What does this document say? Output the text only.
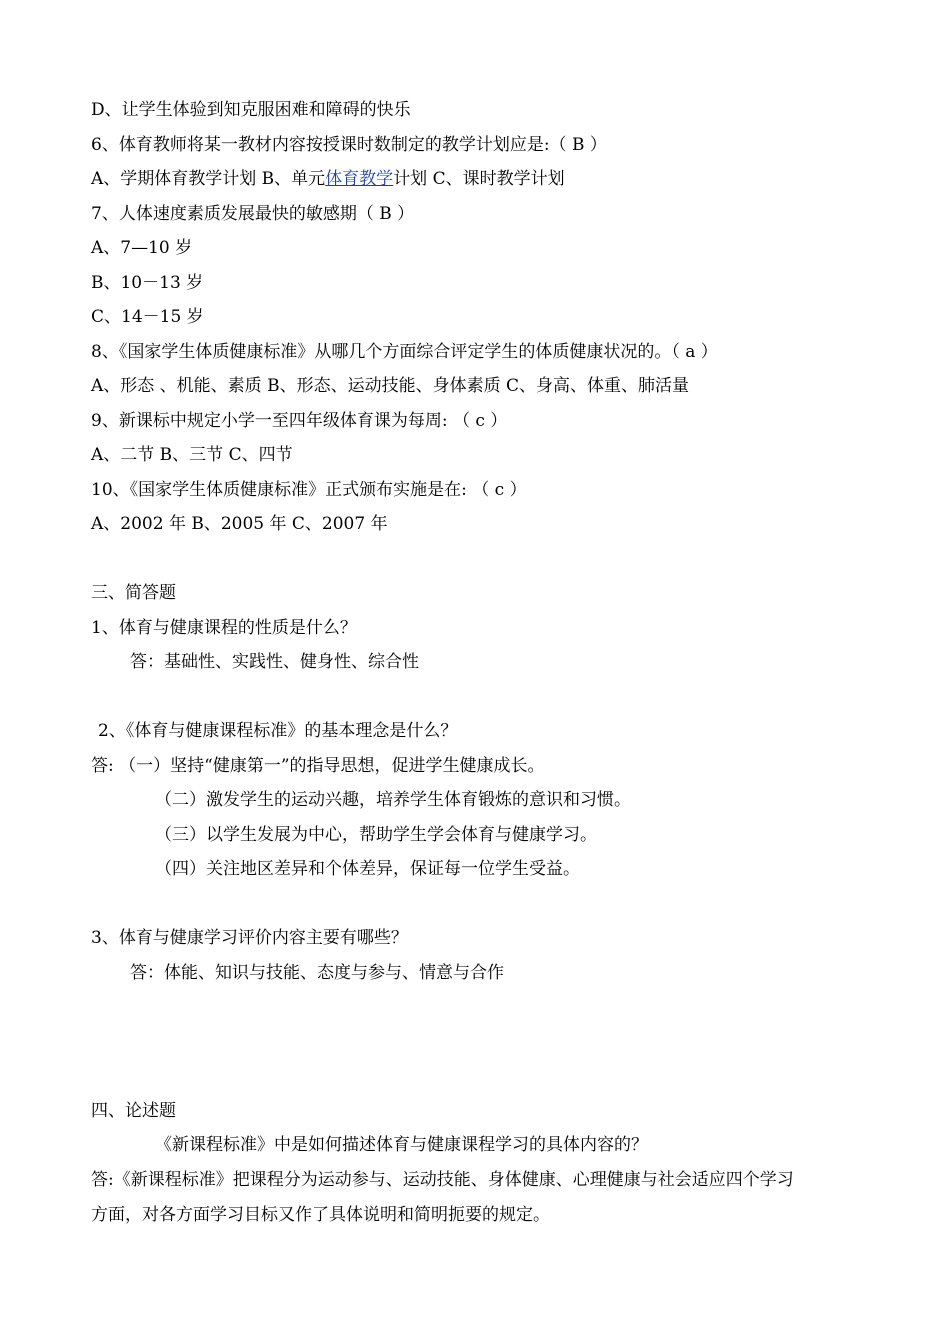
D、让学生体验到知克服困难和障碍的快乐
6、体育教师将某一教材内容按授课时数制定的教学计划应是:（ B ）
A、学期体育教学计划 B、单元体育教学计划 C、课时教学计划
7、人体速度素质发展最快的敏感期（ B ）
A、7—10 岁
B、10－13 岁
C、14－15 岁
8、《国家学生体质健康标准》从哪几个方面综合评定学生的体质健康状况的。（ a ）
A、形态 、机能、素质 B、形态、运动技能、身体素质 C、身高、体重、肺活量
9、新课标中规定小学一至四年级体育课为每周: （ c ）
A、二节 B、三节 C、四节
10、《国家学生体质健康标准》正式颁布实施是在: （ c ）
A、2002 年 B、2005 年 C、2007 年
三、简答题
1、体育与健康课程的性质是什么？
答：基础性、实践性、健身性、综合性
2、《体育与健康课程标准》的基本理念是什么？
答: （一）坚持“健康第一”的指导思想，促进学生健康成长。
（二）激发学生的运动兴趣，培养学生体育锻炼的意识和习惯。
（三）以学生发展为中心，帮助学生学会体育与健康学习。
（四）关注地区差异和个体差异，保证每一位学生受益。
3、体育与健康学习评价内容主要有哪些？
答：体能、知识与技能、态度与参与、情意与合作
四、论述题
《新课程标准》中是如何描述体育与健康课程学习的具体内容的？
答:《新课程标准》把课程分为运动参与、运动技能、身体健康、心理健康与社会适应四个学习
方面，对各方面学习目标又作了具体说明和简明扼要的规定。
